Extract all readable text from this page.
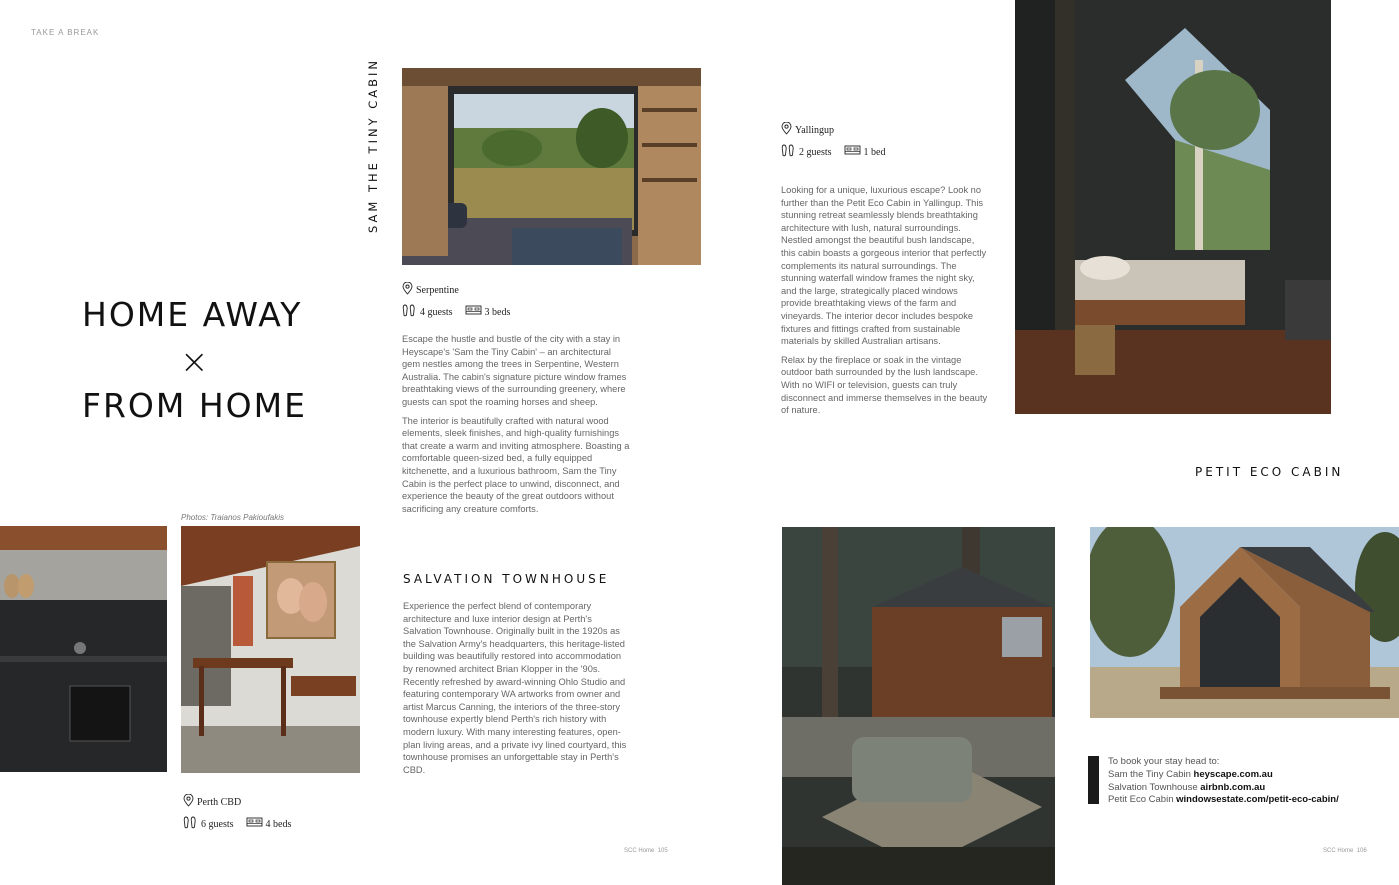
TAKE A BREAK
HOME AWAY
×
FROM HOME
SAM THE TINY CABIN
Serpentine
4 guests	3 beds

Escape the hustle and bustle of the city with a stay in Heyscape's 'Sam the Tiny Cabin' – an architectural gem nestles among the trees in Serpentine, Western Australia. The cabin's signature picture window frames breathtaking views of the surrounding greenery, where guests can spot the roaming horses and sheep.

The interior is beautifully crafted with natural wood elements, sleek finishes, and high-quality furnishings that create a warm and inviting atmosphere. Boasting a comfortable queen-sized bed, a fully equipped kitchenette, and a luxurious bathroom, Sam the Tiny Cabin is the perfect place to unwind, disconnect, and experience the beauty of the great outdoors without sacrificing any creature comforts.

Yallingup
2 guests	1 bed

Looking for a unique, luxurious escape? Look no further than the Petit Eco Cabin in Yallingup. This stunning retreat seamlessly blends breathtaking architecture with lush, natural surroundings. Nestled amongst the beautiful bush landscape, this cabin boasts a gorgeous interior that perfectly complements its natural surroundings. The stunning waterfall window frames the night sky, and the large, strategically placed windows provide breathtaking views of the farm and vineyards. The interior decor includes bespoke fixtures and fittings crafted from sustainable materials by skilled Australian artisans.

Relax by the fireplace or soak in the vintage outdoor bath surrounded by the lush landscape. With no WIFI or television, guests can truly disconnect and immerse themselves in the beauty of nature.

PETIT ECO CABIN
Photos: Traianos Pakioufakis
Perth CBD
6 guests	4 beds
SALVATION TOWNHOUSE

Experience the perfect blend of contemporary architecture and luxe interior design at Perth's Salvation Townhouse. Originally built in the 1920s as the Salvation Army's headquarters, this heritage-listed building was beautifully restored into accommodation by renowned architect Brian Klopper in the '90s. Recently refreshed by award-winning Ohlo Studio and featuring contemporary WA artworks from owner and artist Marcus Canning, the interiors of the three-story townhouse expertly blend Perth's rich history with modern luxury. With many interesting features, open-plan living areas, and a private ivy lined courtyard, this townhouse promises an unforgettable stay in Perth's CBD.

To book your stay head to:
Sam the Tiny Cabin heyscape.com.au
Salvation Townhouse airbnb.com.au
Petit Eco Cabin windowsestate.com/petit-eco-cabin/
SCC Home 105	SCC Home 106
